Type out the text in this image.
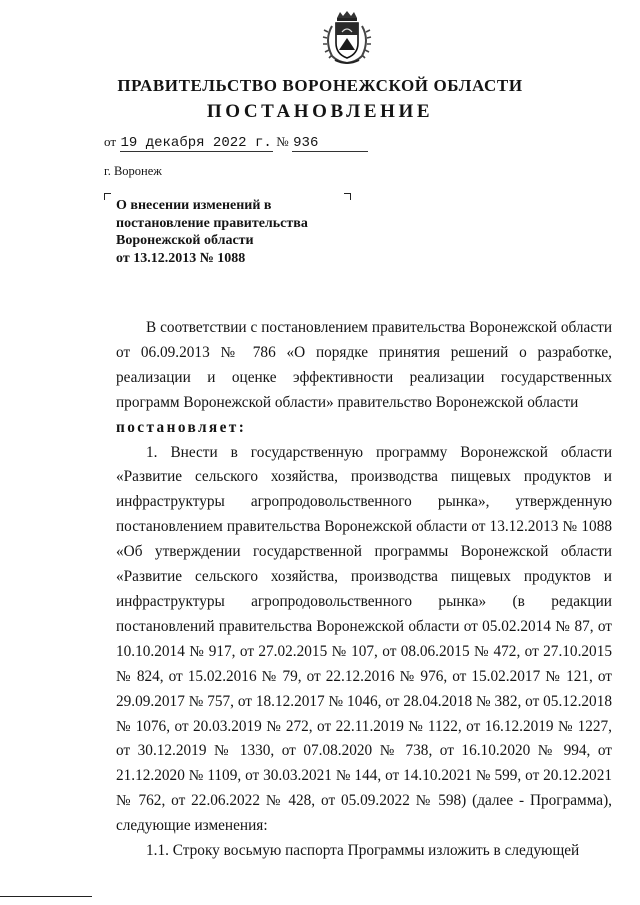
ПРАВИТЕЛЬСТВО ВОРОНЕЖСКОЙ ОБЛАСТИ
ПОСТАНОВЛЕНИЕ
от 19 декабря 2022 г. № 936
г. Воронеж
О внесении изменений в
постановление правительства
Воронежской области
от 13.12.2013 № 1088

В соответствии с постановлением правительства Воронежской области от 06.09.2013 № 786 «О порядке принятия решений о разработке, реализации и оценке эффективности реализации государственных программ Воронежской области» правительство Воронежской области

постановляет:

1. Внести в государственную программу Воронежской области «Развитие сельского хозяйства, производства пищевых продуктов и инфраструктуры агропродовольственного рынка», утвержденную постановлением правительства Воронежской области от 13.12.2013 № 1088 «Об утверждении государственной программы Воронежской области «Развитие сельского хозяйства, производства пищевых продуктов и инфраструктуры агропродовольственного рынка» (в редакции постановлений правительства Воронежской области от 05.02.2014 № 87, от 10.10.2014 № 917, от 27.02.2015 № 107, от 08.06.2015 № 472, от 27.10.2015 № 824, от 15.02.2016 № 79, от 22.12.2016 № 976, от 15.02.2017 № 121, от 29.09.2017 № 757, от 18.12.2017 № 1046, от 28.04.2018 № 382, от 05.12.2018 № 1076, от 20.03.2019 № 272, от 22.11.2019 № 1122, от 16.12.2019 № 1227, от 30.12.2019 № 1330, от 07.08.2020 № 738, от 16.10.2020 № 994, от 21.12.2020 № 1109, от 30.03.2021 № 144, от 14.10.2021 № 599, от 20.12.2021 № 762, от 22.06.2022 № 428, от 05.09.2022 № 598) (далее - Программа), следующие изменения:

1.1. Строку восьмую паспорта Программы изложить в следующей
